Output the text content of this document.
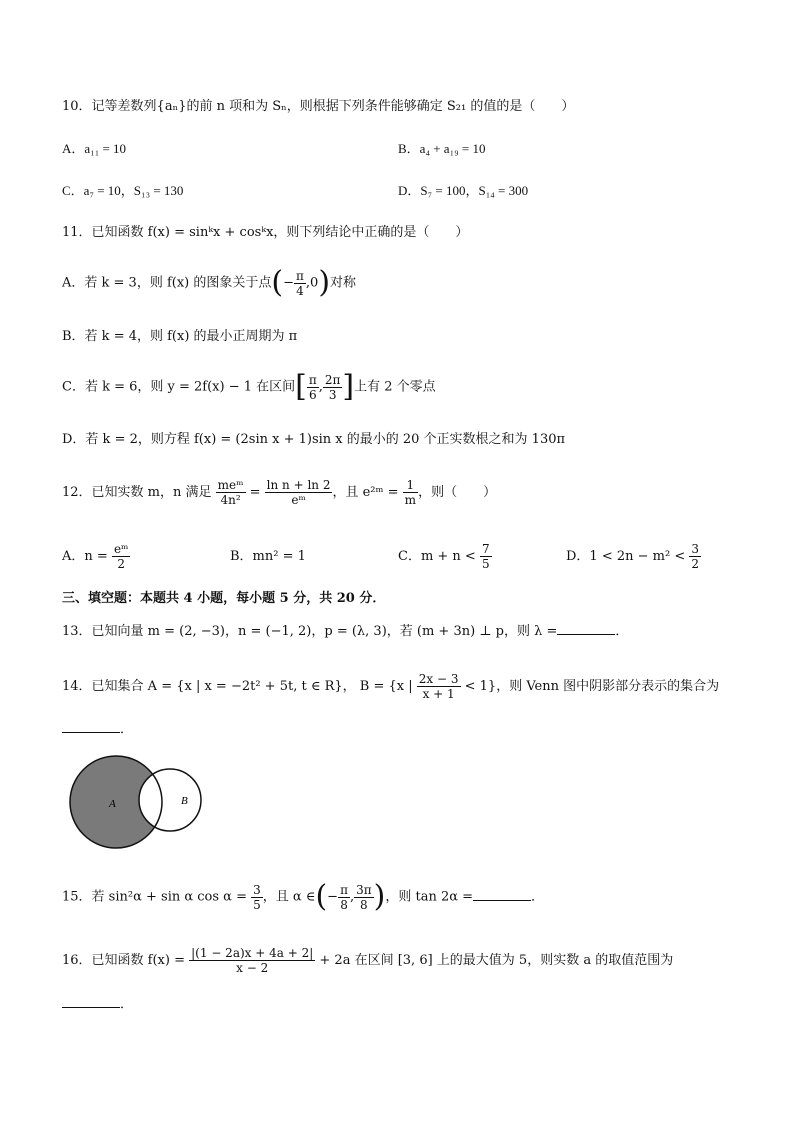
10．记等差数列{aₙ}的前 n 项和为 Sₙ，则根据下列条件能够确定 S₂₁ 的值的是（　　）
A．a₁₁ = 10	B．a₄ + a₁₉ = 10
C．a₇ = 10，S₁₃ = 130	D．S₇ = 100，S₁₄ = 300
11．已知函数 f(x) = sinᵏx + cosᵏx，则下列结论中正确的是（　　）
A．若 k = 3，则 f(x) 的图象关于点(− $\frac{\pi}{4} ,0$)对称
B．若 k = 4，则 f(x) 的最小正周期为 π
C．若 k = 6，则 y = 2f(x) − 1 在区间[ $\frac{\pi}{6}$ , $\frac{2\pi}{3}$ ]上有 2 个零点
D．若 k = 2，则方程 f(x) = (2sin x + 1)sin x 的最小的 20 个正实数根之和为 130π
12．已知实数 m，n 满足 $\frac{\text{meᵐ}}{\text{4n²}} = \frac{\text{ln n + ln 2}}{\text{eᵐ}}$ ，且 e²ᵐ = $\frac{1}{m}$ ，则（　　）
A．$n = \frac{\text{eᵐ}}{2}$	B．mn² = 1	C．$m + n < \frac{7}{5}$	D．$1 < 2n - m^2 < \frac{3}{2}$
三、填空题：本题共 4 小题，每小题 5 分，共 20 分．
13．已知向量 m = (2, −3)，n = (−1, 2)，p = (λ, 3)，若 (m + 3n) ⊥ p，则 λ =	．
14．已知集合 A = {x | x = −2t² + 5t, t ∈ R}， B = {x | $\frac{2x - 3}{x + 1} < 1$}，则 Venn 图中阴影部分表示的集合为
．
A	B
15．若 sin²α + sin α $\cos \alpha = \frac{3}{5}$ ，且 α ∈(− $\frac{\pi}{8}$ , $\frac{3\pi}{8}$ )，则 tan 2α =	．
16．已知函数 $f(x) = \frac{|(1 - 2a)x + 4a + 2|}{x - 2} + 2a$ 在区间 [3, 6] 上的最大值为 5，则实数 a 的取值范围为
．
